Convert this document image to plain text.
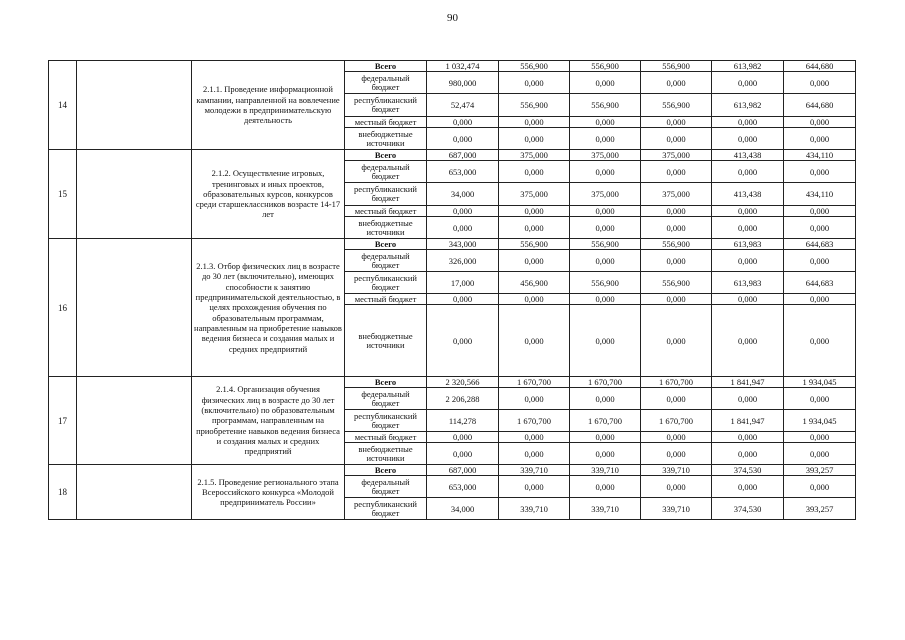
90
14		2.1.1. Проведение информационной кампании, направленной на вовлечение молодежи в предпринимательскую деятельность	Всего	1 032,474	556,900	556,900	556,900	613,982	644,680
			федеральный бюджет	980,000	0,000	0,000	0,000	0,000	0,000
			республиканский бюджет	52,474	556,900	556,900	556,900	613,982	644,680
			местный бюджет	0,000	0,000	0,000	0,000	0,000	0,000
			внебюджетные источники	0,000	0,000	0,000	0,000	0,000	0,000
15		2.1.2. Осуществление игровых, тренинговых и иных проектов, образовательных курсов, конкурсов среди старшеклассников возрасте 14-17 лет	Всего	687,000	375,000	375,000	375,000	413,438	434,110
			федеральный бюджет	653,000	0,000	0,000	0,000	0,000	0,000
			республиканский бюджет	34,000	375,000	375,000	375,000	413,438	434,110
			местный бюджет	0,000	0,000	0,000	0,000	0,000	0,000
			внебюджетные источники	0,000	0,000	0,000	0,000	0,000	0,000
16		2.1.3. Отбор физических лиц в возрасте до 30 лет (включительно), имеющих способности к занятию предпринимательской деятельностью, в целях прохождения обучения по образовательным программам, направленным на приобретение навыков ведения бизнеса и создания малых и средних предприятий	Всего	343,000	556,900	556,900	556,900	613,983	644,683
			федеральный бюджет	326,000	0,000	0,000	0,000	0,000	0,000
			республиканский бюджет	17,000	456,900	556,900	556,900	613,983	644,683
			местный бюджет	0,000	0,000	0,000	0,000	0,000	0,000
			внебюджетные источники	0,000	0,000	0,000	0,000	0,000	0,000
17		2.1.4. Организация обучения физических лиц в возрасте до 30 лет (включительно) по образовательным программам, направленным на приобретение навыков ведения бизнеса и создания малых и средних предприятий	Всего	2 320,566	1 670,700	1 670,700	1 670,700	1 841,947	1 934,045
			федеральный бюджет	2 206,288	0,000	0,000	0,000	0,000	0,000
			республиканский бюджет	114,278	1 670,700	1 670,700	1 670,700	1 841,947	1 934,045
			местный бюджет	0,000	0,000	0,000	0,000	0,000	0,000
			внебюджетные источники	0,000	0,000	0,000	0,000	0,000	0,000
18		2.1.5. Проведение регионального этапа Всероссийского конкурса «Молодой предприниматель России»	Всего	687,000	339,710	339,710	339,710	374,530	393,257
			федеральный бюджет	653,000	0,000	0,000	0,000	0,000	0,000
			республиканский бюджет	34,000	339,710	339,710	339,710	374,530	393,257
